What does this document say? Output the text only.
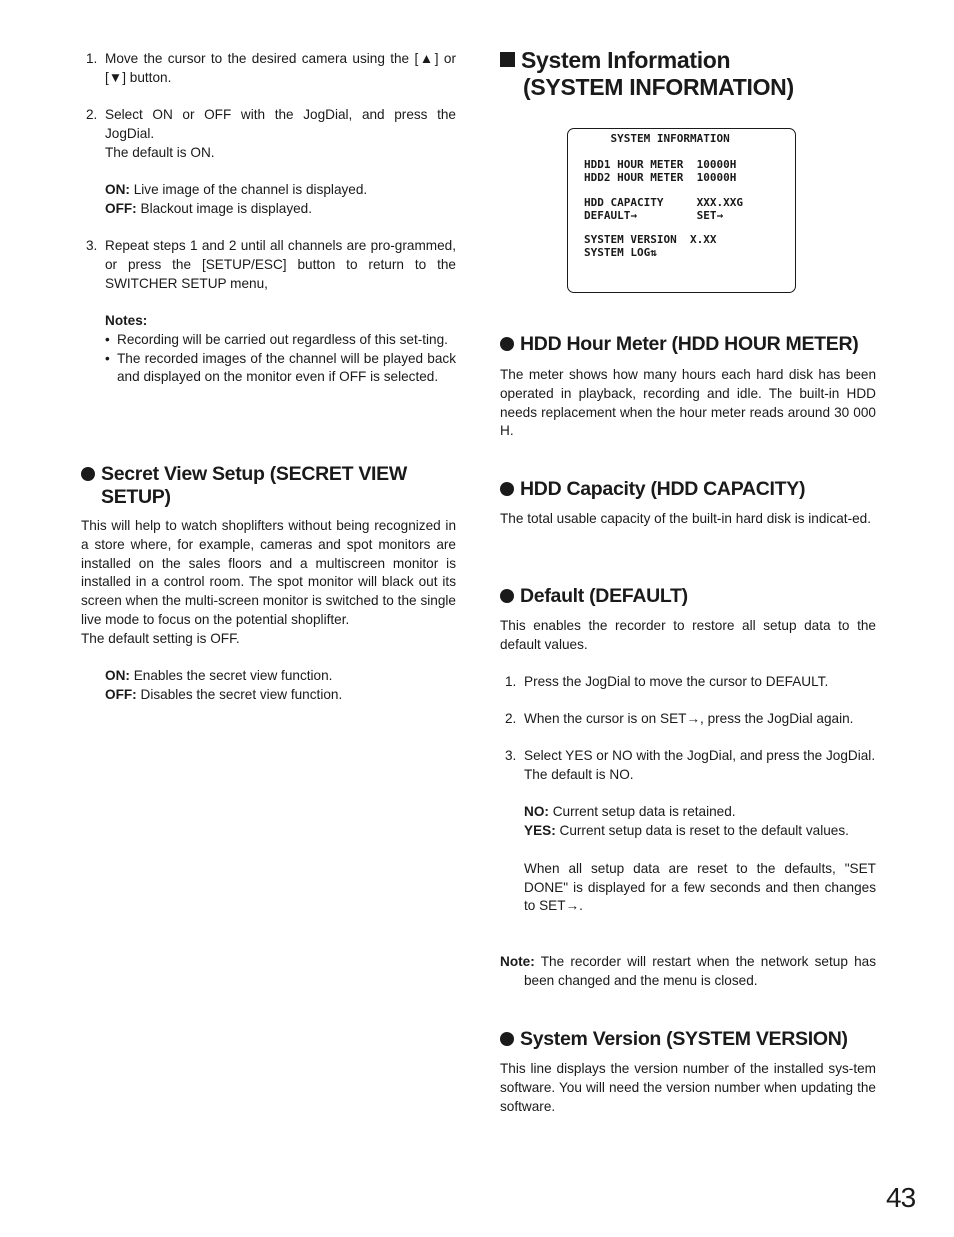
1. Move the cursor to the desired camera using the [▲] or [▼] button.
2. Select ON or OFF with the JogDial, and press the JogDial.
The default is ON.
ON: Live image of the channel is displayed.
OFF: Blackout image is displayed.
3. Repeat steps 1 and 2 until all channels are pro-grammed, or press the [SETUP/ESC] button to return to the SWITCHER SETUP menu,
Notes:
• Recording will be carried out regardless of this set-ting.
• The recorded images of the channel will be played back and displayed on the monitor even if OFF is selected.
Secret View Setup (SECRET VIEW
SETUP)

This will help to watch shoplifters without being recognized in a store where, for example, cameras and spot monitors are installed on the sales floors and a multiscreen monitor is installed in a control room. The spot monitor will black out its screen when the multi-screen monitor is switched to the single live mode to focus on the potential shoplifter.

The default setting is OFF.

ON: Enables the secret view function.
OFF: Disables the secret view function.
System Information
(SYSTEM INFORMATION)
SYSTEM INFORMATION
HDD1 HOUR METER  10000H
HDD2 HOUR METER  10000H
HDD CAPACITY     XXX.XXG
DEFAULT→         SET→
SYSTEM VERSION  X.XX
SYSTEM LOG⇅
HDD Hour Meter (HDD HOUR METER)

The meter shows how many hours each hard disk has been operated in playback, recording and idle. The built-in HDD needs replacement when the hour meter reads around 30 000 H.

HDD Capacity (HDD CAPACITY)

The total usable capacity of the built-in hard disk is indicat-ed.

Default (DEFAULT)

This enables the recorder to restore all setup data to the default values.

1. Press the JogDial to move the cursor to DEFAULT.
2. When the cursor is on SET→, press the JogDial again.
3. Select YES or NO with the JogDial, and press the JogDial.
The default is NO.
NO: Current setup data is retained.
YES: Current setup data is reset to the default values.
When all setup data are reset to the defaults, "SET DONE" is displayed for a few seconds and then changes to SET→.
Note: The recorder will restart when the network setup has been changed and the menu is closed.
System Version (SYSTEM VERSION)

This line displays the version number of the installed sys-tem software. You will need the version number when updating the software.

43
